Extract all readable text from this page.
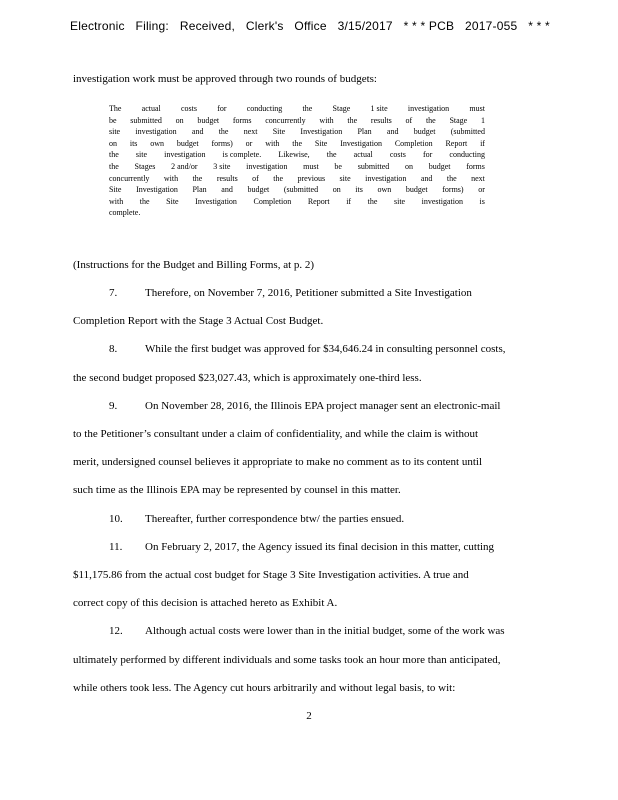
Electronic Filing: Received, Clerk's Office 3/15/2017 * * * PCB 2017-055 * * *
investigation work must be approved through two rounds of budgets:
The	actual	costs	for	conducting	the	Stage	1 site	investigation	must
be submitted on budget forms concurrently with the results of the Stage 1
site investigation and the next Site Investigation Plan and budget (submitted
on its own budget forms) or with the Site Investigation Completion Report if
the site investigation is complete. Likewise, the actual costs for conducting
the Stages 2 and/or 3 site investigation must be submitted on budget forms
concurrently with the results of the previous site investigation and the next
Site Investigation Plan and budget (submitted on its own budget forms) or
with the Site Investigation Completion Report if the site investigation is
complete.
(Instructions for the Budget and Billing Forms, at p. 2)
7.	Therefore, on November 7, 2016, Petitioner submitted a Site Investigation
Completion Report with the Stage 3 Actual Cost Budget.
8.	While the first budget was approved for $34,646.24 in consulting personnel costs,
the second budget proposed $23,027.43, which is approximately one-third less.
9.	On November 28, 2016, the Illinois EPA project manager sent an electronic-mail
to the Petitioner’s consultant under a claim of confidentiality, and while the claim is without
merit, undersigned counsel believes it appropriate to make no comment as to its content until
such time as the Illinois EPA may be represented by counsel in this matter.
10. Thereafter, further correspondence btw/ the parties ensued.
11. On February 2, 2017, the Agency issued its final decision in this matter, cutting
$11,175.86 from the actual cost budget for Stage 3 Site Investigation activities. A true and
correct copy of this decision is attached hereto as Exhibit A.
12. Although actual costs were lower than in the initial budget, some of the work was
ultimately performed by different individuals and some tasks took an hour more than anticipated,
while others took less. The Agency cut hours arbitrarily and without legal basis, to wit:
2
